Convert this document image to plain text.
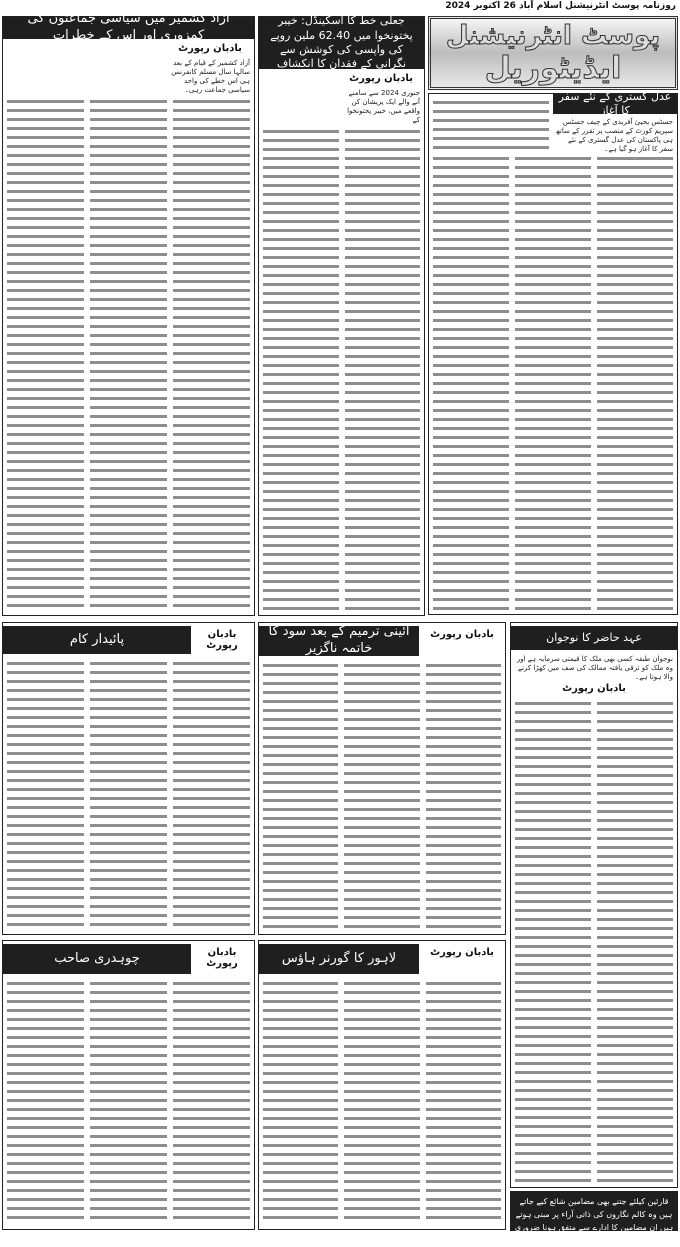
روزنامہ پوسٹ انٹرنیشنل اسلام آباد 26 اکتوبر 2024
پوسٹ انٹرنیشنل
ایڈیٹوریل
عدل گستری کے نئے سفر کا آغاز
جسٹس یحییٰ آفریدی کے چیف جسٹس سپریم کورٹ کے منصب پر تقرر کے ساتھ ہی پاکستان کی عدل گستری کے نئے سفر کا آغاز ہو گیا ہے۔
جعلی خط کا اسکینڈل: خیبر پختونخوا میں 62.40 ملین روپے کی واپسی کی کوشش سے نگرانی کے فقدان کا انکشاف
بادبان رپورٹ
جنوری 2024 سے سامنے آنے والے ایک پریشان کن واقعے میں، خیبر پختونخوا کے
آزاد کشمیر میں سیاسی جماعتوں کی کمزوری اور اس کے خطرات
بادبان رپورٹ
آزاد کشمیر کے قیام کے بعد سالہا سال مسلم کانفرنس ہی اس خطے کی واحد سیاسی جماعت رہی۔
پائیدار کام	بادبان رپورٹ
آئینی ترمیم کے بعد سود کا خاتمہ ناگزیر
بادبان رپورٹ	عہد حاضر کا نوجوان
نوجوان طبقہ کسی بھی ملک کا قیمتی سرمایہ ہے اور وہ ملک کو ترقی یافتہ ممالک کی صف میں کھڑا کرنے والا ہوتا ہے۔
بادبان رپورٹ
چوہدری صاحب	بادبان رپورٹ	لاہور کا گورنر ہاؤس	بادبان رپورٹ
قارئین کیلئے جتنے بھی مضامین شائع کیے جاتے ہیں وہ کالم نگاروں کی ذاتی آراء پر مبنی ہوتے ہیں ان مضامین کا ادارے سے متفق ہونا ضروری نہیں۔ (ادارہ)
